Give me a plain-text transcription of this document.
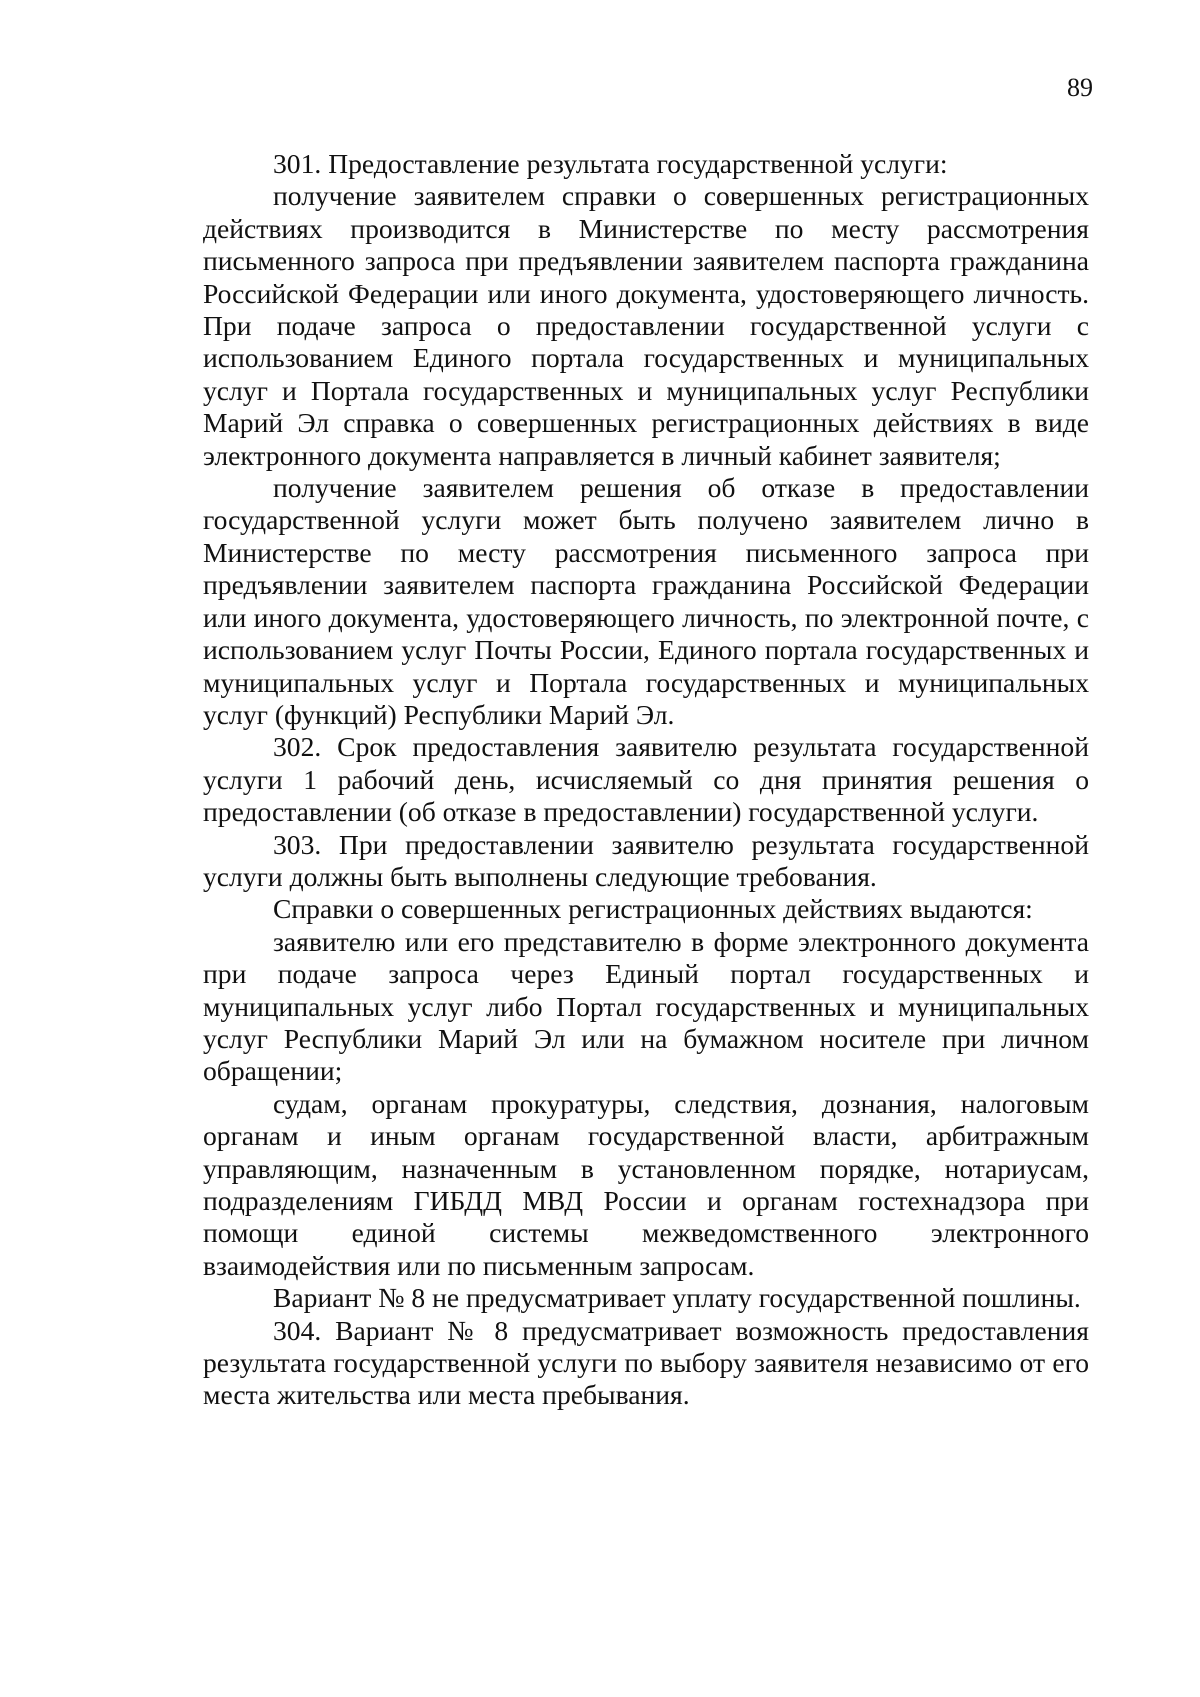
89

301. Предоставление результата государственной услуги:

получение заявителем справки о совершенных регистрационных действиях производится в Министерстве по месту рассмотрения письменного запроса при предъявлении заявителем паспорта гражданина Российской Федерации или иного документа, удостоверяющего личность. При подаче запроса о предоставлении государственной услуги с использованием Единого портала государственных и муниципальных услуг и Портала государственных и муниципальных услуг Республики Марий Эл справка о совершенных регистрационных действиях в виде электронного документа направляется в личный кабинет заявителя;

получение заявителем решения об отказе в предоставлении государственной услуги может быть получено заявителем лично в Министерстве по месту рассмотрения письменного запроса при предъявлении заявителем паспорта гражданина Российской Федерации или иного документа, удостоверяющего личность, по электронной почте, с использованием услуг Почты России, Единого портала государственных и муниципальных услуг и Портала государственных и муниципальных услуг (функций) Республики Марий Эл.

302. Срок предоставления заявителю результата государственной услуги 1 рабочий день, исчисляемый со дня принятия решения о предоставлении (об отказе в предоставлении) государственной услуги.

303. При предоставлении заявителю результата государственной услуги должны быть выполнены следующие требования.

Справки о совершенных регистрационных действиях выдаются:

заявителю или его представителю в форме электронного документа при подаче запроса через Единый портал государственных и муниципальных услуг либо Портал государственных и муниципальных услуг Республики Марий Эл или на бумажном носителе при личном обращении;

судам, органам прокуратуры, следствия, дознания, налоговым органам и иным органам государственной власти, арбитражным управляющим, назначенным в установленном порядке, нотариусам, подразделениям ГИБДД МВД России и органам гостехнадзора при помощи единой системы межведомственного электронного взаимодействия или по письменным запросам.

Вариант № 8 не предусматривает уплату государственной пошлины.

304. Вариант № 8 предусматривает возможность предоставления результата государственной услуги по выбору заявителя независимо от его места жительства или места пребывания.
